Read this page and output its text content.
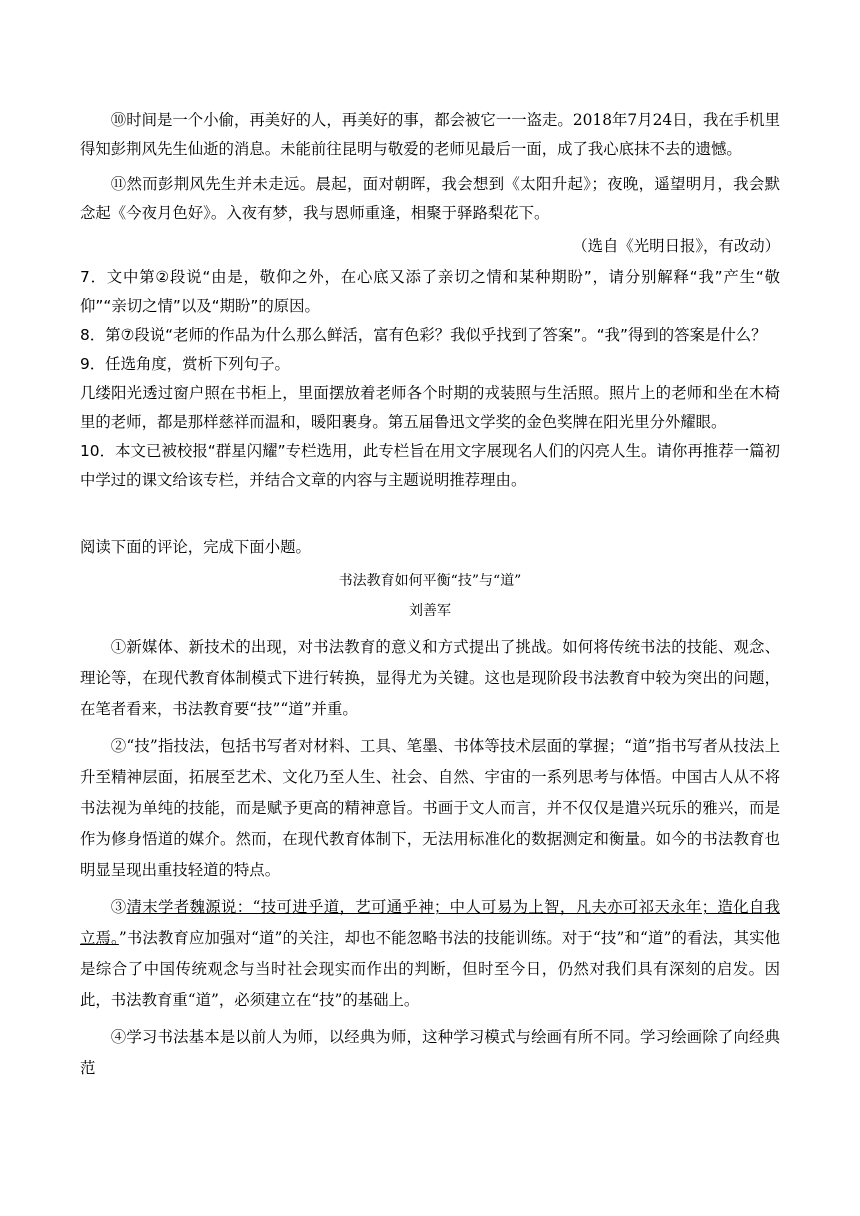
⑩时间是一个小偷，再美好的人，再美好的事，都会被它一一盗走。2018年7月24日，我在手机里得知彭荆风先生仙逝的消息。未能前往昆明与敬爱的老师见最后一面，成了我心底抹不去的遗憾。

⑪然而彭荆风先生并未走远。晨起，面对朝晖，我会想到《太阳升起》；夜晚，遥望明月，我会默念起《今夜月色好》。入夜有梦，我与恩师重逢，相聚于驿路梨花下。

（选自《光明日报》，有改动）

7．文中第②段说“由是，敬仰之外，在心底又添了亲切之情和某种期盼”，请分别解释“我”产生“敬仰”“亲切之情”以及“期盼”的原因。

8．第⑦段说“老师的作品为什么那么鲜活，富有色彩？我似乎找到了答案”。“我”得到的答案是什么？

9．任选角度，赏析下列句子。

几缕阳光透过窗户照在书柜上，里面摆放着老师各个时期的戎装照与生活照。照片上的老师和坐在木椅里的老师，都是那样慈祥而温和，暖阳裹身。第五届鲁迅文学奖的金色奖牌在阳光里分外耀眼。

10．本文已被校报“群星闪耀”专栏选用，此专栏旨在用文字展现名人们的闪亮人生。请你再推荐一篇初中学过的课文给该专栏，并结合文章的内容与主题说明推荐理由。

阅读下面的评论，完成下面小题。

书法教育如何平衡“技”与“道”
刘善军

①新媒体、新技术的出现，对书法教育的意义和方式提出了挑战。如何将传统书法的技能、观念、理论等，在现代教育体制模式下进行转换，显得尤为关键。这也是现阶段书法教育中较为突出的问题，在笔者看来，书法教育要“技”“道”并重。

②“技”指技法，包括书写者对材料、工具、笔墨、书体等技术层面的掌握；“道”指书写者从技法上升至精神层面，拓展至艺术、文化乃至人生、社会、自然、宇宙的一系列思考与体悟。中国古人从不将书法视为单纯的技能，而是赋予更高的精神意旨。书画于文人而言，并不仅仅是遣兴玩乐的雅兴，而是作为修身悟道的媒介。然而，在现代教育体制下，无法用标准化的数据测定和衡量。如今的书法教育也明显呈现出重技轻道的特点。

③清末学者魏源说：“技可进乎道，艺可通乎神；中人可易为上智，凡夫亦可祁天永年；造化自我立焉。”书法教育应加强对“道”的关注，却也不能忽略书法的技能训练。对于“技”和“道”的看法，其实他是综合了中国传统观念与当时社会现实而作出的判断，但时至今日，仍然对我们具有深刻的启发。因此，书法教育重“道”，必须建立在“技”的基础上。

④学习书法基本是以前人为师，以经典为师，这种学习模式与绘画有所不同。学习绘画除了向经典范
